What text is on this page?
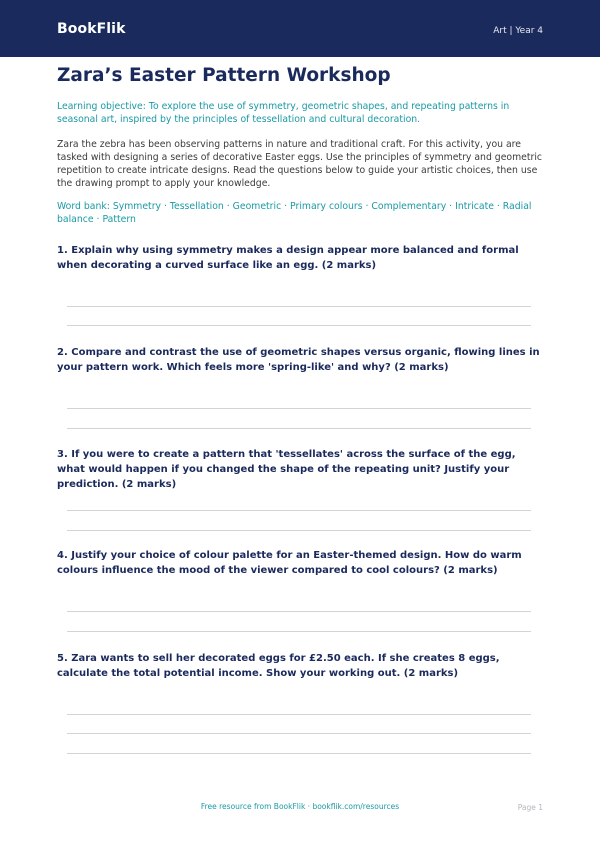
BookFlik	Art | Year 4
Zara’s Easter Pattern Workshop
Learning objective: To explore the use of symmetry, geometric shapes, and repeating patterns in seasonal art, inspired by the principles of tessellation and cultural decoration.
Zara the zebra has been observing patterns in nature and traditional craft. For this activity, you are tasked with designing a series of decorative Easter eggs. Use the principles of symmetry and geometric repetition to create intricate designs. Read the questions below to guide your artistic choices, then use the drawing prompt to apply your knowledge.
Word bank: Symmetry · Tessellation · Geometric · Primary colours · Complementary · Intricate · Radial balance · Pattern
1. Explain why using symmetry makes a design appear more balanced and formal when decorating a curved surface like an egg. (2 marks)
2. Compare and contrast the use of geometric shapes versus organic, flowing lines in your pattern work. Which feels more 'spring-like' and why? (2 marks)
3. If you were to create a pattern that 'tessellates' across the surface of the egg, what would happen if you changed the shape of the repeating unit? Justify your prediction. (2 marks)
4. Justify your choice of colour palette for an Easter-themed design. How do warm colours influence the mood of the viewer compared to cool colours? (2 marks)
5. Zara wants to sell her decorated eggs for £2.50 each. If she creates 8 eggs, calculate the total potential income. Show your working out. (2 marks)
Free resource from BookFlik · bookflik.com/resources	Page 1
